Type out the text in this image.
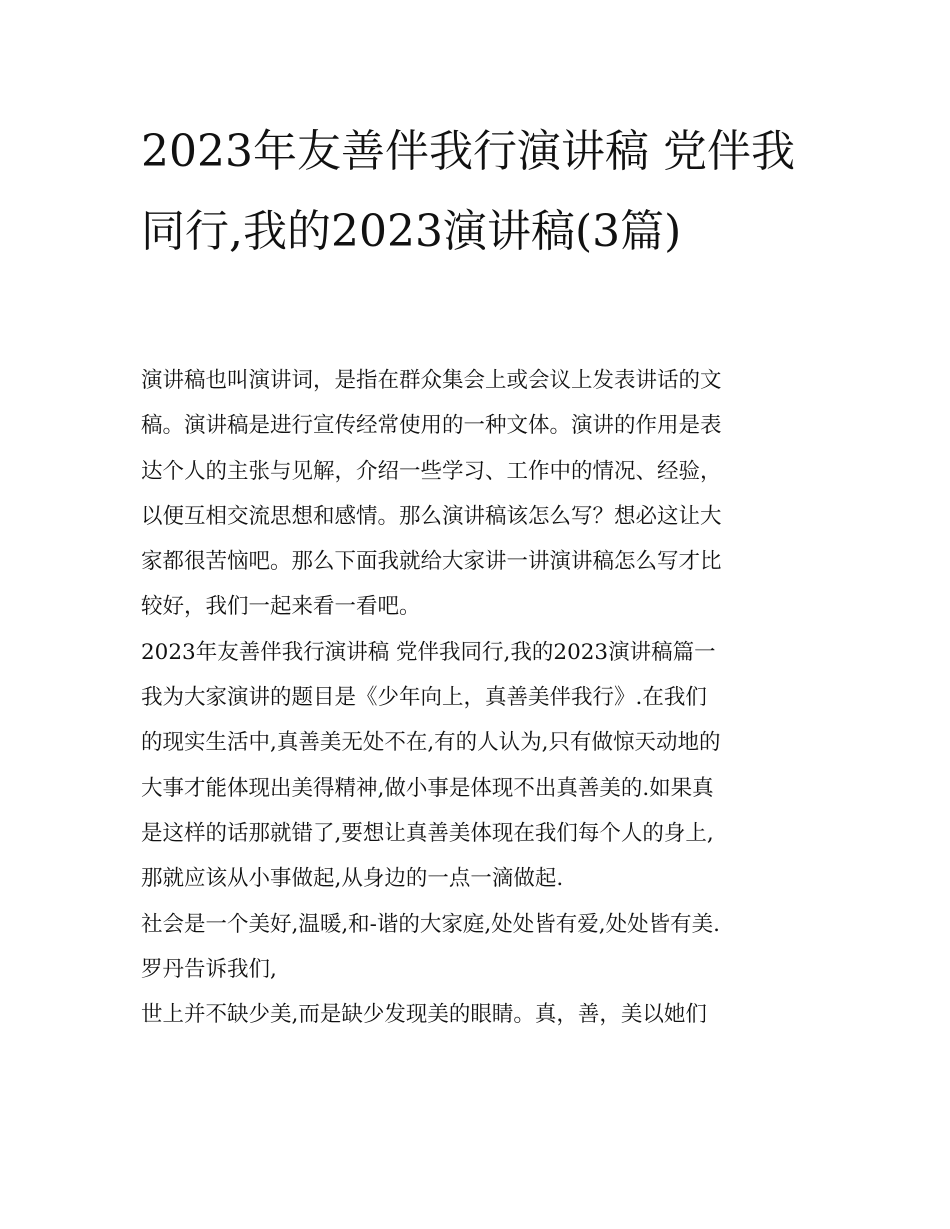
2023年友善伴我行演讲稿 党伴我同行,我的2023演讲稿(3篇)

演讲稿也叫演讲词，是指在群众集会上或会议上发表讲话的文
稿。演讲稿是进行宣传经常使用的一种文体。演讲的作用是表
达个人的主张与见解，介绍一些学习、工作中的情况、经验，
以便互相交流思想和感情。那么演讲稿该怎么写？想必这让大
家都很苦恼吧。那么下面我就给大家讲一讲演讲稿怎么写才比
较好，我们一起来看一看吧。

2023年友善伴我行演讲稿 党伴我同行,我的2023演讲稿篇一

我为大家演讲的题目是《少年向上，真善美伴我行》.在我们
的现实生活中,真善美无处不在,有的人认为,只有做惊天动地的
大事才能体现出美得精神,做小事是体现不出真善美的.如果真
是这样的话那就错了,要想让真善美体现在我们每个人的身上,
那就应该从小事做起,从身边的一点一滴做起.

社会是一个美好,温暖,和-谐的大家庭,处处皆有爱,处处皆有美.
罗丹告诉我们,

世上并不缺少美,而是缺少发现美的眼睛。真，善，美以她们
